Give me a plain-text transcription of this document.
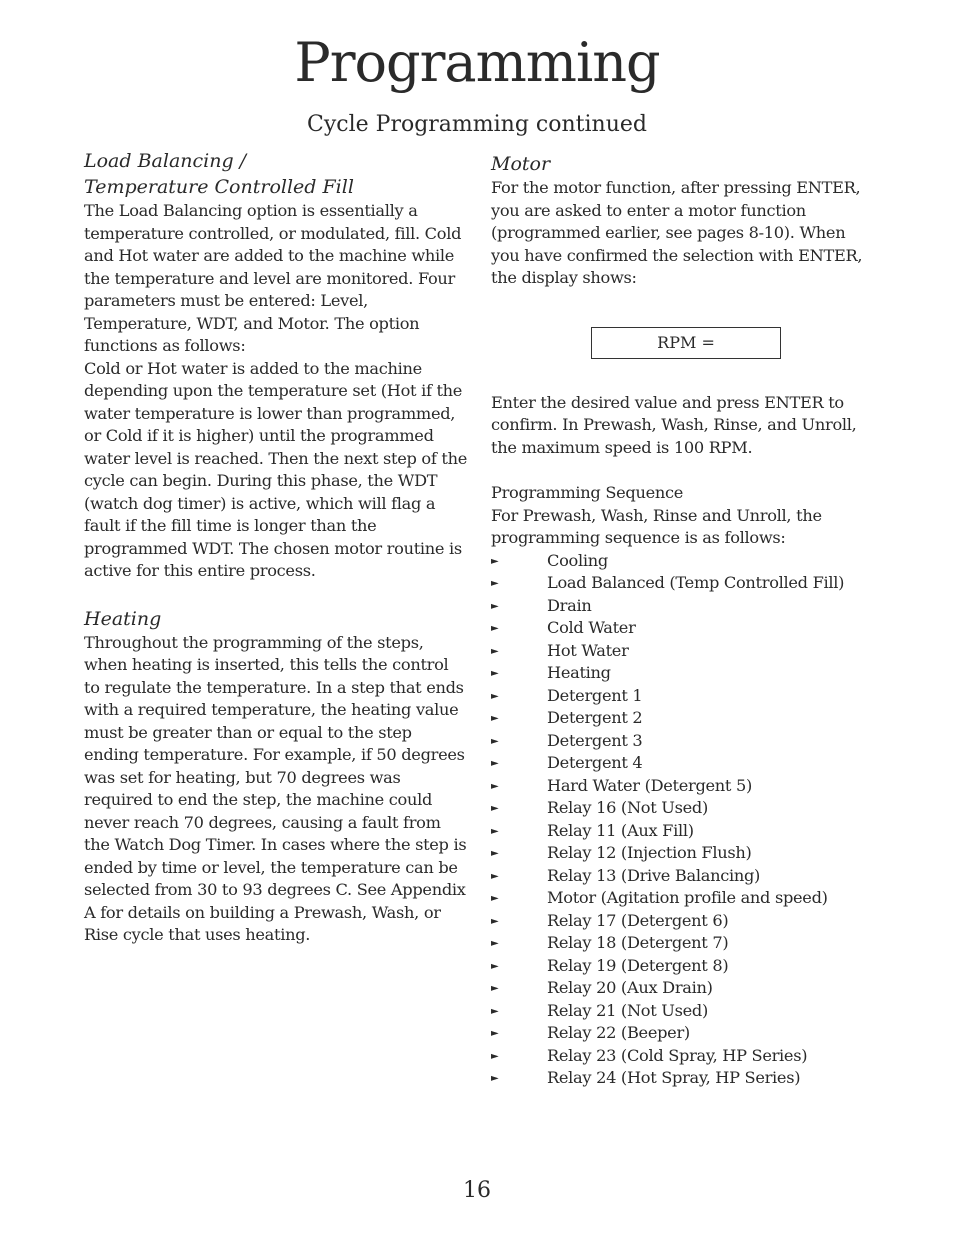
Programming
Cycle Programming continued
Load Balancing /
Temperature Controlled Fill

The Load Balancing option is essentially a temperature controlled, or modulated, fill. Cold and Hot water are added to the machine while the temperature and level are monitored. Four parameters must be entered: Level, Temperature, WDT, and Motor. The option functions as follows:

Cold or Hot water is added to the machine depending upon the temperature set (Hot if the water temperature is lower than programmed, or Cold if it is higher) until the programmed water level is reached. Then the next step of the cycle can begin. During this phase, the WDT (watch dog timer) is active, which will flag a fault if the fill time is longer than the programmed WDT. The chosen motor routine is active for this entire process.

Heating

Throughout the programming of the steps, when heating is inserted, this tells the control to regulate the temperature. In a step that ends with a required temperature, the heating value must be greater than or equal to the step ending temperature. For example, if 50 degrees was set for heating, but 70 degrees was required to end the step, the machine could never reach 70 degrees, causing a fault from the Watch Dog Timer. In cases where the step is ended by time or level, the temperature can be selected from 30 to 93 degrees C. See Appendix A for details on building a Prewash, Wash, or Rise cycle that uses heating.

Motor

For the motor function, after pressing ENTER, you are asked to enter a motor function (programmed earlier, see pages 8-10). When you have confirmed the selection with ENTER, the display shows:

RPM =

Enter the desired value and press ENTER to confirm. In Prewash, Wash, Rinse, and Unroll, the maximum speed is 100 RPM.

Programming Sequence

For Prewash, Wash, Rinse and Unroll, the programming sequence is as follows:

►	Cooling
►	Load Balanced (Temp Controlled Fill)
►	Drain
►	Cold Water
►	Hot Water
►	Heating
►	Detergent 1
►	Detergent 2
►	Detergent 3
►	Detergent 4
►	Hard Water (Detergent 5)
►	Relay 16 (Not Used)
►	Relay 11 (Aux Fill)
►	Relay 12 (Injection Flush)
►	Relay 13 (Drive Balancing)
►	Motor (Agitation profile and speed)
►	Relay 17 (Detergent 6)
►	Relay 18 (Detergent 7)
►	Relay 19 (Detergent 8)
►	Relay 20 (Aux Drain)
►	Relay 21 (Not Used)
►	Relay 22 (Beeper)
►	Relay 23 (Cold Spray, HP Series)
►	Relay 24 (Hot Spray, HP Series)
16
